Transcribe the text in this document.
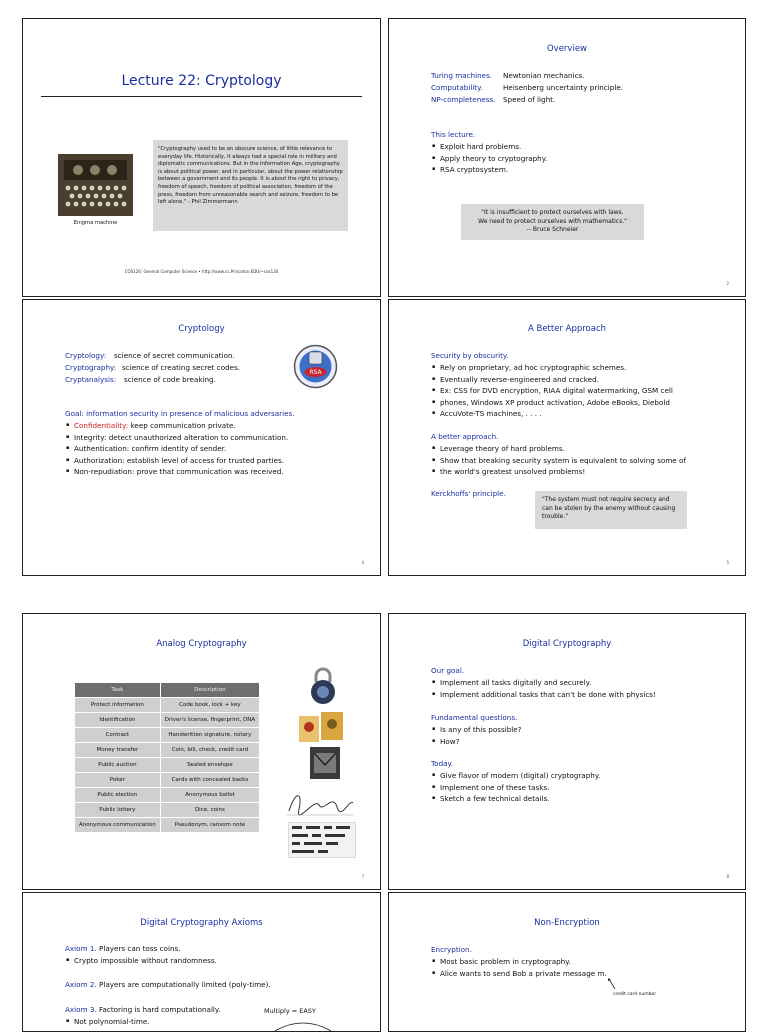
Lecture 22: Cryptology
Enigma machine
"Cryptography used to be an obscure science, of little relevance to everyday life. Historically, it always had a special role in military and diplomatic communications. But in the Information Age, cryptography is about political power, and in particular, about the power relationship between a government and its people. It is about the right to privacy, freedom of speech, freedom of political association, freedom of the press, freedom from unreasonable search and seizure, freedom to be left alone." - Phil Zimmermann
COS126: General Computer Science • http://www.cs.Princeton.EDU/~cos126
Overview
Turing machines. Newtonian mechanics.
Computability.	Heisenberg uncertainty principle.
NP-completeness. Speed of light.
This lecture.
▪ Exploit hard problems.
▪ Apply theory to cryptography.
▪ RSA cryptosystem.
"It is insufficient to protect ourselves with laws.
We need to protect ourselves with mathematics."
-- Bruce Schneier
2
Cryptology
Cryptology: science of secret communication.
Cryptography: science of creating secret codes.
Cryptanalysis: science of code breaking.
RSA
Goal: information security in presence of malicious adversaries.
▪ Confidentiality: keep communication private.
▪ Integrity: detect unauthorized alteration to communication.
▪ Authentication: confirm identity of sender.
▪ Authorization: establish level of access for trusted parties.
▪ Non-repudiation: prove that communication was received.
4
A Better Approach
Security by obscurity.
▪ Rely on proprietary, ad hoc cryptographic schemes.
▪ Eventually reverse-engineered and cracked.
▪ Ex: CSS for DVD encryption, RIAA digital watermarking, GSM cell
▪ phones, Windows XP product activation, Adobe eBooks, Diebold
▪ AccuVote-TS machines, . . . .
A better approach.
▪ Leverage theory of hard problems.
▪ Show that breaking security system is equivalent to solving some of
▪ the world's greatest unsolved problems!
Kerckhoffs' principle.
"The system must not require secrecy and can be stolen by the enemy without causing trouble."
5
Analog Cryptography
Task	Description
Protect information	Code book, lock + key
Identification	Driver's license, fingerprint, DNA
Contract	Handwritten signature, notary
Money transfer	Coin, bill, check, credit card
Public auction	Sealed envelope
Poker	Cards with concealed backs
Public election	Anonymous ballot
Public lottery	Dice, coins
Anonymous communication	Pseudonym, ransom note
7
Digital Cryptography
Our goal.
▪ Implement all tasks digitally and securely.
▪ Implement additional tasks that can't be done with physics!
Fundamental questions.
▪ Is any of this possible?
▪ How?
Today.
▪ Give flavor of modern (digital) cryptography.
▪ Implement one of these tasks.
▪ Sketch a few technical details.
8
Digital Cryptography Axioms
Axiom 1. Players can toss coins.
▪ Crypto impossible without randomness.
Axiom 2. Players are computationally limited (poly-time).
Axiom 3. Factoring is hard computationally.
▪ Not polynomial-time.
Multiply = EASY
Non-Encryption
Encryption.
▪ Most basic problem in cryptography.
▪ Alice wants to send Bob a private message m.
credit card number
